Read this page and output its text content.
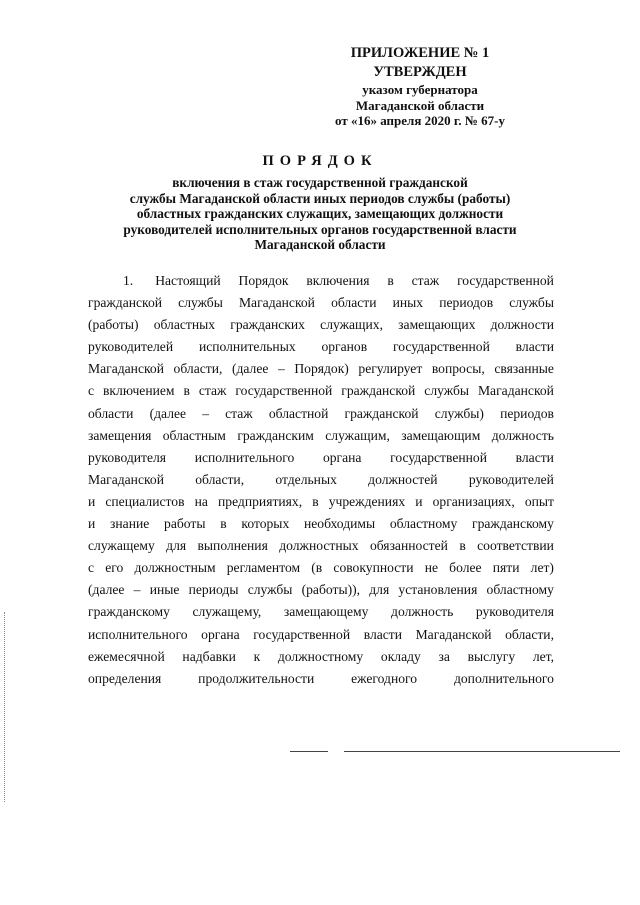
ПРИЛОЖЕНИЕ № 1
УТВЕРЖДЕН
указом губернатора
Магаданской области
от «16» апреля 2020 г. № 67-у
ПОРЯДОК
включения в стаж государственной гражданской
службы Магаданской области иных периодов службы (работы)
областных гражданских служащих, замещающих должности
руководителей исполнительных органов государственной власти
Магаданской области
1. Настоящий Порядок включения в стаж государственной
гражданской службы Магаданской области иных периодов службы
(работы) областных гражданских служащих, замещающих должности
руководителей исполнительных органов государственной власти
Магаданской области, (далее – Порядок) регулирует вопросы, связанные
с включением в стаж государственной гражданской службы Магаданской
области (далее – стаж областной гражданской службы) периодов
замещения областным гражданским служащим, замещающим должность
руководителя исполнительного органа государственной власти
Магаданской области, отдельных должностей руководителей
и специалистов на предприятиях, в учреждениях и организациях, опыт
и знание работы в которых необходимы областному гражданскому
служащему для выполнения должностных обязанностей в соответствии
с его должностным регламентом (в совокупности не более пяти лет)
(далее – иные периоды службы (работы)), для установления областному
гражданскому служащему, замещающему должность руководителя
исполнительного органа государственной власти Магаданской области,
ежемесячной надбавки к должностному окладу за выслугу лет,
определения	продолжительности	ежегодного	дополнительного
